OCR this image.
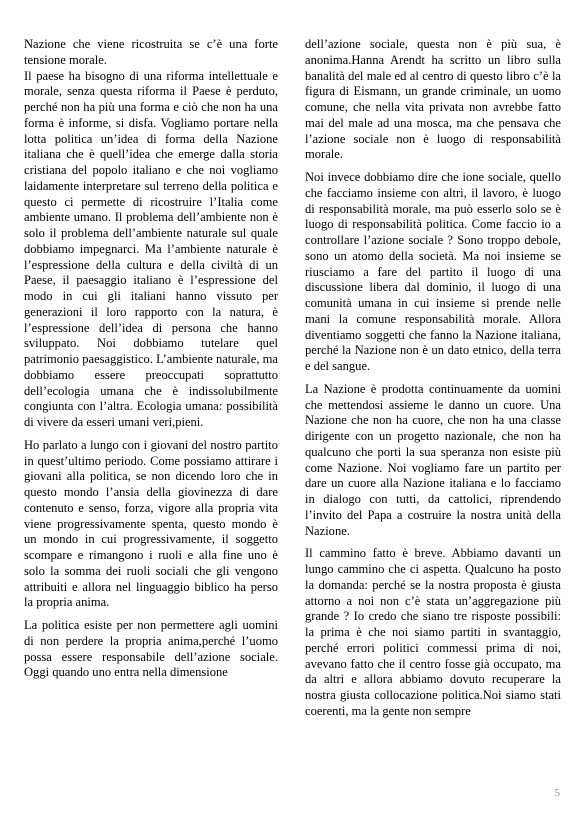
Nazione che viene ricostruita se c’è una forte tensione morale.

Il paese ha bisogno di una riforma intellettuale e morale, senza questa riforma il Paese è perduto, perché non ha più una forma e ciò che non ha una forma è informe, si disfa. Vogliamo portare nella lotta politica un’idea di forma della Nazione italiana che è quell’idea che emerge dalla storia cristiana del popolo italiano e che noi vogliamo laidamente interpretare sul terreno della politica e questo ci permette di ricostruire l’Italia come ambiente umano. Il problema dell’ambiente non è solo il problema dell’ambiente naturale sul quale dobbiamo impegnarci. Ma l’ambiente naturale è l’espressione della cultura e della civiltà di un Paese, il paesaggio italiano è l’espressione del modo in cui gli italiani hanno vissuto per generazioni il loro rapporto con la natura, è l’espressione dell’idea di persona che hanno sviluppato. Noi dobbiamo tutelare quel patrimonio paesaggistico. L’ambiente naturale, ma dobbiamo essere preoccupati soprattutto dell’ecologia umana che è indissolubilmente congiunta con l’altra. Ecologia umana: possibilità di vivere da esseri umani veri,pieni.

Ho parlato a lungo con i giovani del nostro partito in quest’ultimo periodo. Come possiamo attirare i giovani alla politica, se non dicendo loro che in questo mondo l’ansia della giovinezza di dare contenuto e senso, forza, vigore alla propria vita viene progressivamente spenta, questo mondo è un mondo in cui progressivamente, il soggetto scompare e rimangono i ruoli e alla fine uno è solo la somma dei ruoli sociali che gli vengono attribuiti e allora nel linguaggio biblico ha perso la propria anima.

La politica esiste per non permettere agli uomini di non perdere la propria anima,perché l’uomo possa essere responsabile dell’azione sociale. Oggi quando uno entra nella dimensione

dell’azione sociale, questa non è più sua, è anonima.Hanna Arendt ha scritto un libro sulla banalità del male ed al centro di questo libro c’è la figura di Eismann, un grande criminale, un uomo comune, che nella vita privata non avrebbe fatto mai del male ad una mosca, ma che pensava che l’azione sociale non è luogo di responsabilità morale.

Noi invece dobbiamo dire che ione sociale, quello che facciamo insieme con altri, il lavoro, è luogo di responsabilità morale, ma può esserlo solo se è luogo di responsabilità politica. Come faccio io a controllare l’azione sociale ? Sono troppo debole, sono un atomo della società. Ma noi insieme se riusciamo a fare del partito il luogo di una discussione libera dal dominio, il luogo di una comunità umana in cui insieme si prende nelle mani la comune responsabilità morale. Allora diventiamo soggetti che fanno la Nazione italiana, perché la Nazione non è un dato etnico, della terra e del sangue.

La Nazione è prodotta continuamente da uomini che mettendosi assieme le danno un cuore. Una Nazione che non ha cuore, che non ha una classe dirigente con un progetto nazionale, che non ha qualcuno che porti la sua speranza non esiste più come Nazione. Noi vogliamo fare un partito per dare un cuore alla Nazione italiana e lo facciamo in dialogo con tutti, da cattolici, riprendendo l’invito del Papa a costruire la nostra unità della Nazione.

Il cammino fatto è breve. Abbiamo davanti un lungo cammino che ci aspetta. Qualcuno ha posto la domanda: perché se la nostra proposta è giusta attorno a noi non c’è stata un’aggregazione più grande ? Io credo che siano tre risposte possibili: la prima è che noi siamo partiti in svantaggio, perché errori politici commessi prima di noi, avevano fatto che il centro fosse già occupato, ma da altri e allora abbiamo dovuto recuperare la nostra giusta collocazione politica.Noi siamo stati coerenti, ma la gente non sempre

5
